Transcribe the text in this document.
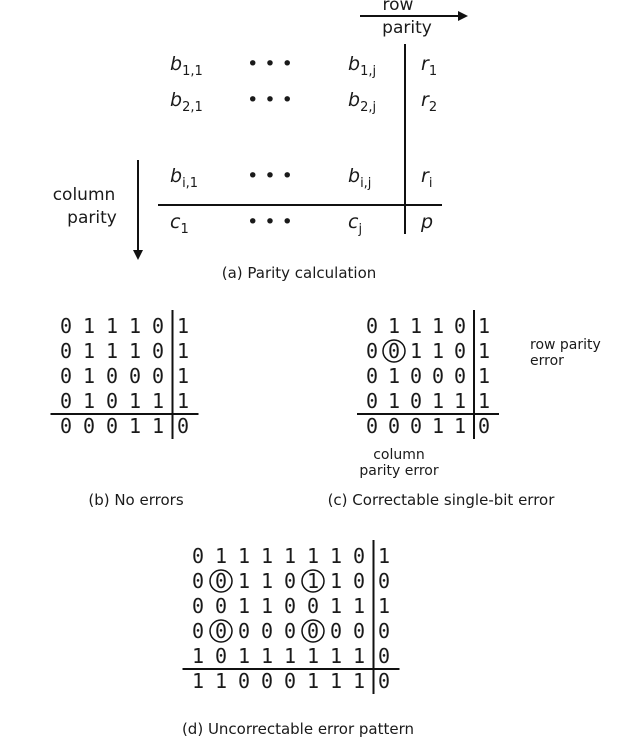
row
parity
column
parity
$b_{1,1}$ • • •	$b_{1,j}$ $r_1$
$b_{2,1}$ • • •	$b_{2,j}$ $r_2$
$b_{i,1}$	• • •	$b_{i,j}$	$r_i$
$c_1$	• • •	$c_j$	p
(a) Parity calculation
0 1 1 1 0 1
0 1 1 1 0 1
0 1 0 0 0 1
0 1 0 1 1 1
0 0 0 1 1 0
(b) No errors
0 1 1 1 0 1
0 0 1 1 0 1
0 1 0 0 0 1
0 1 0 1 1 1
0 0 0 1 1 0
row parity
error
column
parity error
(c) Correctable single-bit error
0 1 1 1 1 1 1 0 1
0 0 1 1 0 1 1 0 0
0 0 1 1 0 0 1 1 1
0 0 0 0 0 0 0 0 0
1 0 1 1 1 1 1 1 0
1 1 0 0 0 1 1 1 0
(d) Uncorrectable error pattern
